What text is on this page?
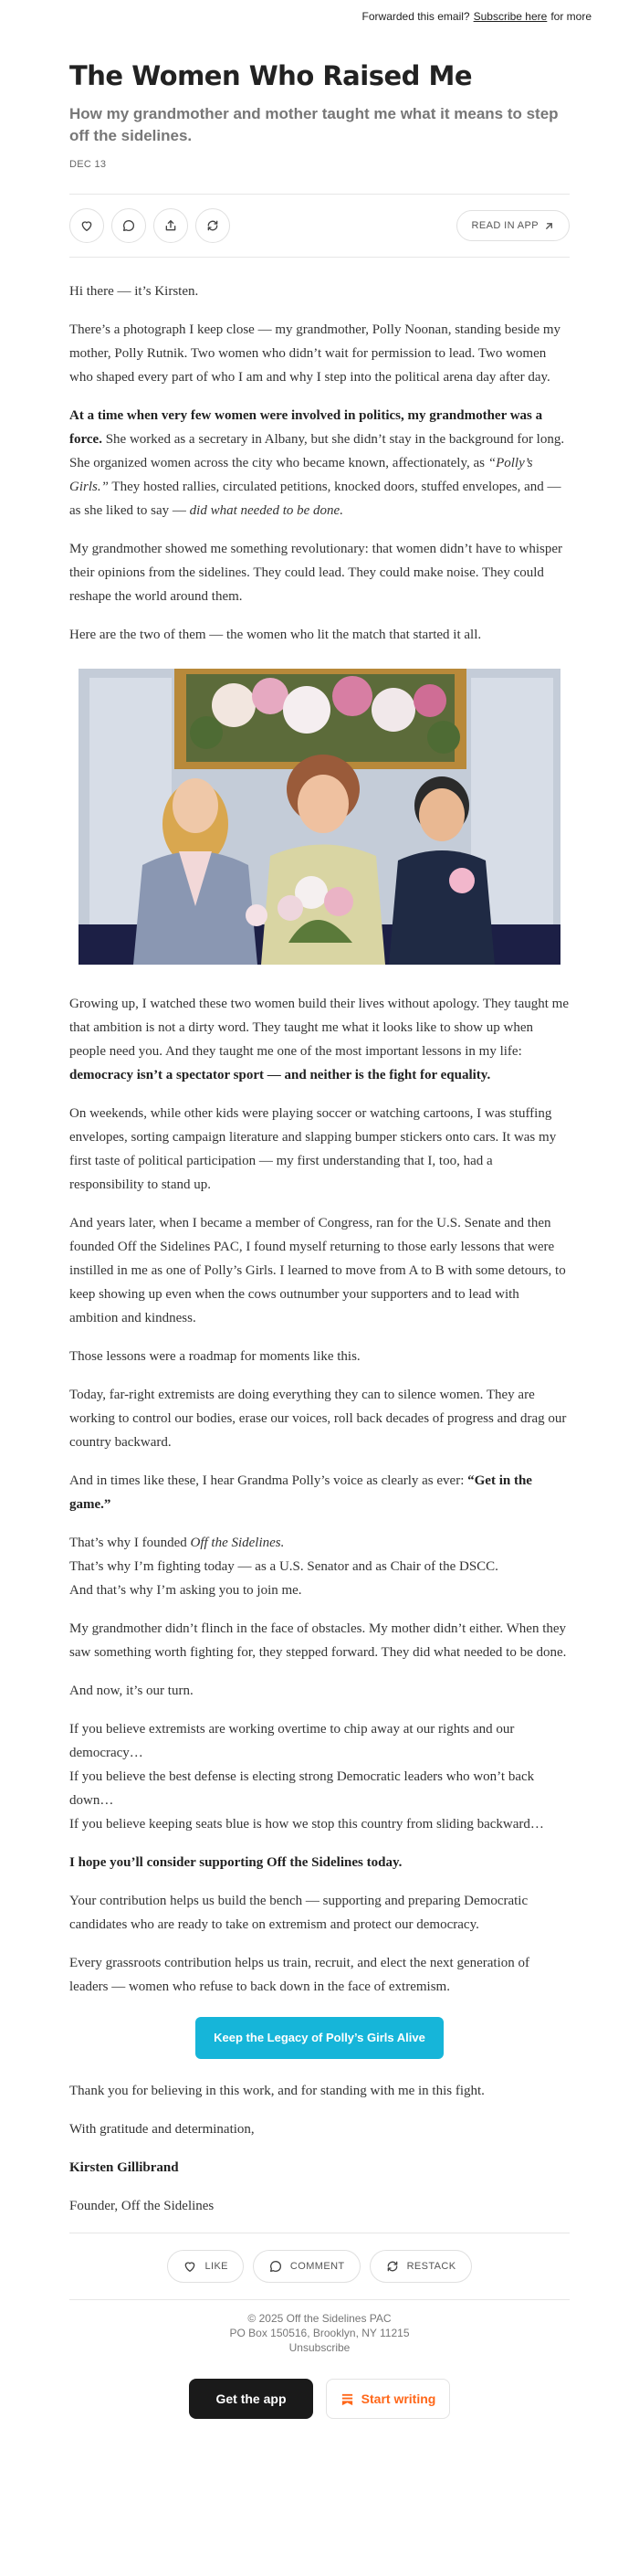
Forwarded this email? Subscribe here for more
The Women Who Raised Me
How my grandmother and mother taught me what it means to step off the sidelines.
DEC 13
READ IN APP

Hi there — it’s Kirsten.

There’s a photograph I keep close — my grandmother, Polly Noonan, standing beside my mother, Polly Rutnik. Two women who didn’t wait for permission to lead. Two women who shaped every part of who I am and why I step into the political arena day after day.

At a time when very few women were involved in politics, my grandmother was a force. She worked as a secretary in Albany, but she didn’t stay in the background for long. She organized women across the city who became known, affectionately, as “Polly’s Girls.” They hosted rallies, circulated petitions, knocked doors, stuffed envelopes, and — as she liked to say — did what needed to be done.

My grandmother showed me something revolutionary: that women didn’t have to whisper their opinions from the sidelines. They could lead. They could make noise. They could reshape the world around them.

Here are the two of them — the women who lit the match that started it all.

Growing up, I watched these two women build their lives without apology. They taught me that ambition is not a dirty word. They taught me what it looks like to show up when people need you. And they taught me one of the most important lessons in my life: democracy isn’t a spectator sport — and neither is the fight for equality.

On weekends, while other kids were playing soccer or watching cartoons, I was stuffing envelopes, sorting campaign literature and slapping bumper stickers onto cars. It was my first taste of political participation — my first understanding that I, too, had a responsibility to stand up.

And years later, when I became a member of Congress, ran for the U.S. Senate and then founded Off the Sidelines PAC, I found myself returning to those early lessons that were instilled in me as one of Polly’s Girls. I learned to move from A to B with some detours, to keep showing up even when the cows outnumber your supporters and to lead with ambition and kindness.

Those lessons were a roadmap for moments like this.

Today, far-right extremists are doing everything they can to silence women. They are working to control our bodies, erase our voices, roll back decades of progress and drag our country backward.

And in times like these, I hear Grandma Polly’s voice as clearly as ever: “Get in the game.”

That’s why I founded Off the Sidelines.

That’s why I’m fighting today — as a U.S. Senator and as Chair of the DSCC.

And that’s why I’m asking you to join me.

My grandmother didn’t flinch in the face of obstacles. My mother didn’t either. When they saw something worth fighting for, they stepped forward. They did what needed to be done.

And now, it’s our turn.

If you believe extremists are working overtime to chip away at our rights and our democracy…

If you believe the best defense is electing strong Democratic leaders who won’t back down…

If you believe keeping seats blue is how we stop this country from sliding backward…

I hope you’ll consider supporting Off the Sidelines today.

Your contribution helps us build the bench — supporting and preparing Democratic candidates who are ready to take on extremism and protect our democracy.

Every grassroots contribution helps us train, recruit, and elect the next generation of leaders — women who refuse to back down in the face of extremism.

Keep the Legacy of Polly’s Girls Alive

Thank you for believing in this work, and for standing with me in this fight.

With gratitude and determination,

Kirsten Gillibrand

Founder, Off the Sidelines

LIKE	COMMENT	RESTACK
© 2025 Off the Sidelines PAC
PO Box 150516, Brooklyn, NY 11215
Unsubscribe
Get the app	Start writing
